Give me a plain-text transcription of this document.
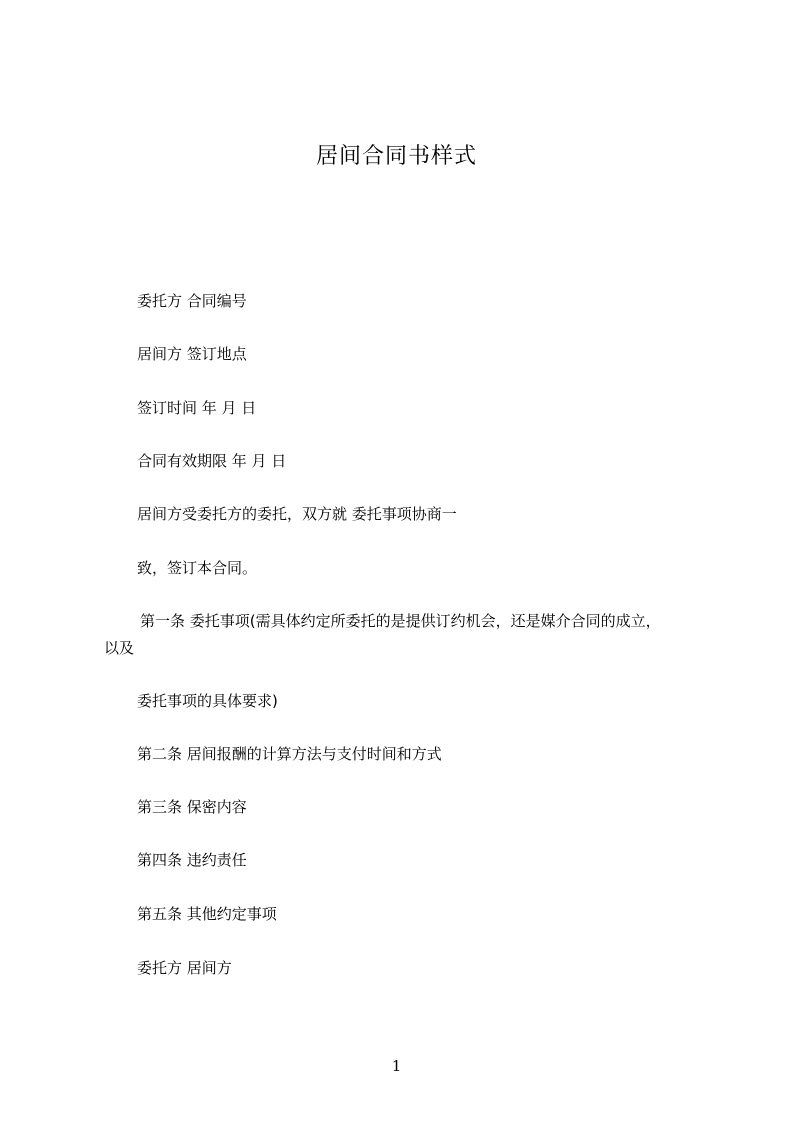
居间合同书样式
委托方 合同编号
居间方 签订地点
签订时间 年 月 日
合同有效期限 年 月 日
居间方受委托方的委托，双方就 委托事项协商一
致，签订本合同。
第一条 委托事项(需具体约定所委托的是提供订约机会，还是媒介合同的成立，
以及
委托事项的具体要求)
第二条 居间报酬的计算方法与支付时间和方式
第三条 保密内容
第四条 违约责任
第五条 其他约定事项
委托方 居间方
1
